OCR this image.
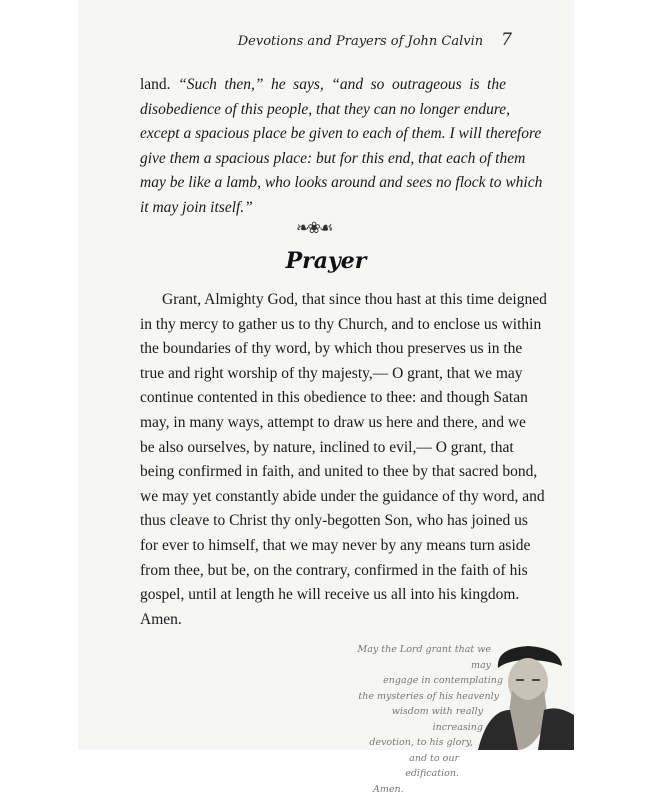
Devotions and Prayers of John Calvin 7
land. “Such then,” he says, “and so outrageous is the
disobedience of this people, that they can no longer endure,
except a spacious place be given to each of them. I will therefore
give them a spacious place: but for this end, that each of them
may be like a lamb, who looks around and sees no flock to which
it may join itself.”
❧❀☙
Prayer
Grant, Almighty God, that since thou hast at this time deigned
in thy mercy to gather us to thy Church, and to enclose us within
the boundaries of thy word, by which thou preserves us in the
true and right worship of thy majesty,— O grant, that we may
continue contented in this obedience to thee: and though Satan
may, in many ways, attempt to draw us here and there, and we
be also ourselves, by nature, inclined to evil,— O grant, that
being confirmed in faith, and united to thee by that sacred bond,
we may yet constantly abide under the guidance of thy word, and
thus cleave to Christ thy only-begotten Son, who has joined us
for ever to himself, that we may never by any means turn aside
from thee, but be, on the contrary, confirmed in the faith of his
gospel, until at length he will receive us all into his kingdom.
Amen.
May the Lord grant that we may
engage in contemplating
the mysteries of his heavenly
wisdom with really increasing
devotion, to his glory,
and to our edification.
Amen.
